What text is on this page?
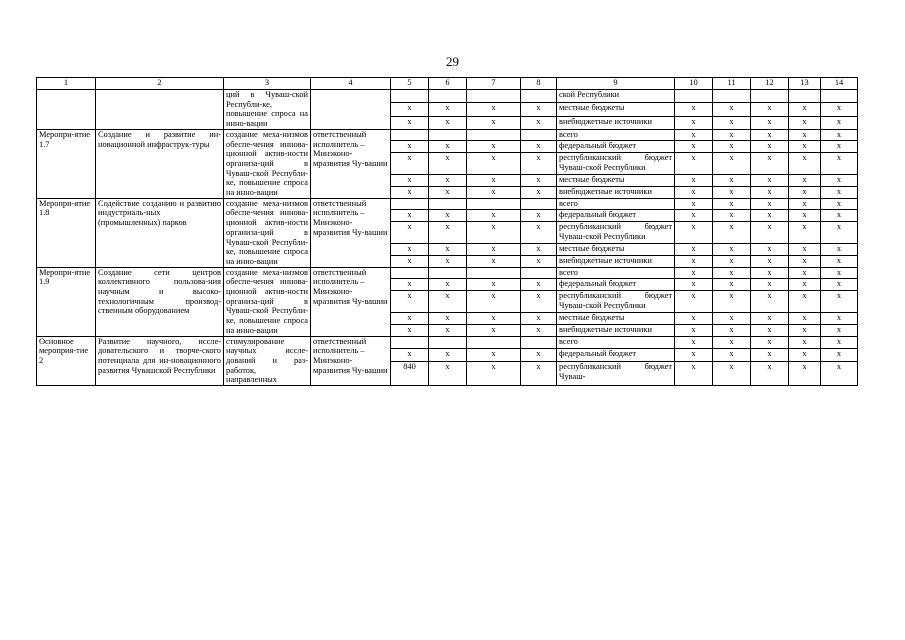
29
1	2	3	4	5	6	7	8	9	10	11	12	13	14
		ций в Чуваш-ской Республи-ке, повышение спроса на инно-вации						ской Республики					
				x	x	x	x	местные бюджеты	x	x	x	x	x
				x	x	x	x	внебюджетные источники	x	x	x	x	x
Меропри-ятие 1.7	Создание и развитие ин-новационной инфраструк-туры	создание меха-низмов обеспе-чения иннова-ционной актив-ности организа-ций в Чуваш-ской Республи-ке, повышение спроса на инно-вации	ответственный исполнитель – Минэконо-мразвития Чу-вашии					всего	x	x	x	x	x
				x	x	x	x	федеральный бюджет	x	x	x	x	x
				x	x	x	x	республиканский бюджет Чуваш-ской Республики	x	x	x	x	x
				x	x	x	x	местные бюджеты	x	x	x	x	x
				x	x	x	x	внебюджетные источники	x	x	x	x	x
Меропри-ятие 1.8	Содействие созданию и развитию индустриаль-ных (промышленных) парков	создание меха-низмов обеспе-чения иннова-ционной актив-ности организа-ций в Чуваш-ской Республи-ке, повышение спроса на инно-вации	ответственный исполнитель – Минэконо-мразвития Чу-вашии					всего	x	x	x	x	x
				x	x	x	x	федеральный бюджет	x	x	x	x	x
				x	x	x	x	республиканский бюджет Чуваш-ской Республики	x	x	x	x	x
				x	x	x	x	местные бюджеты	x	x	x	x	x
				x	x	x	x	внебюджетные источники	x	x	x	x	x
Меропри-ятие 1.9	Создание сети центров коллективного пользова-ния научным и высоко-технологичным производ-ственным оборудованием	создание меха-низмов обеспе-чения иннова-ционной актив-ности организа-ций в Чуваш-ской Республи-ке, повышение спроса на инно-вации	ответственный исполнитель – Минэконо-мразвития Чу-вашии					всего	x	x	x	x	x
				x	x	x	x	федеральный бюджет	x	x	x	x	x
				x	x	x	x	республиканский бюджет Чуваш-ской Республики	x	x	x	x	x
				x	x	x	x	местные бюджеты	x	x	x	x	x
				x	x	x	x	внебюджетные источники	x	x	x	x	x
Основное мероприя-тие 2	Развитие научного, иссле-довательского и творче-ского потенциала для ин-новационного развития Чувашской Республики	стимулирование научных иссле-дований и раз-работок, направленных	ответственный исполнитель – Минэконо-мразвития Чу-вашии					всего	x	x	x	x	x
				x	x	x	x	федеральный бюджет	x	x	x	x	x
				840	x	x	x	республиканский бюджет Чуваш-	x	x	x	x	x
